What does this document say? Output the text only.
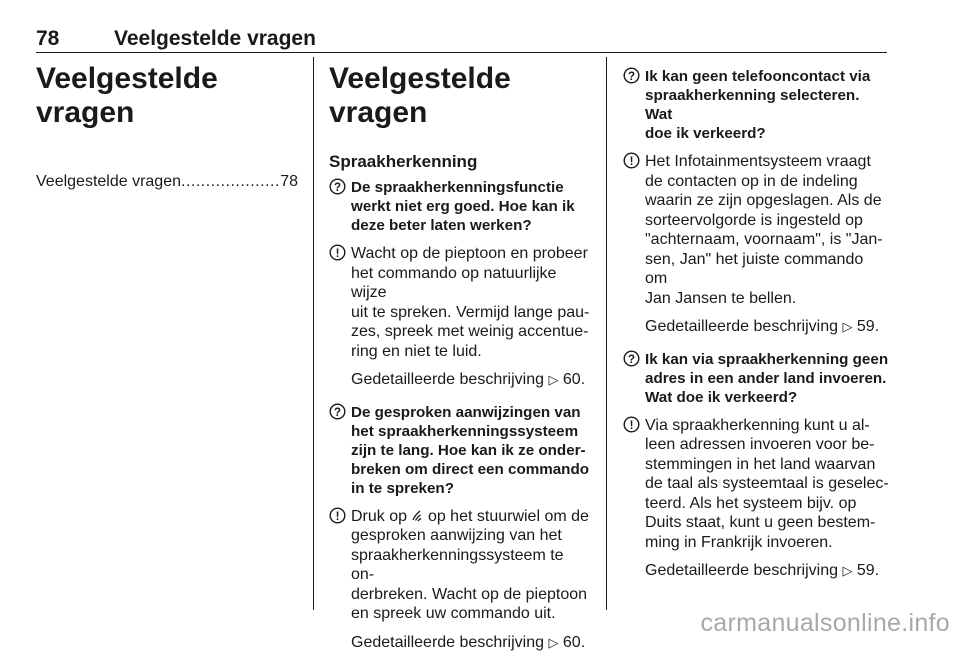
78	Veelgestelde vragen
Veelgestelde
vragen
Veelgestelde vragen
.....	78
Veelgestelde vragen
Spraakherkenning
? De spraakherkenningsfunctie
werkt niet erg goed. Hoe kan ik
deze beter laten werken?
! Wacht op de pieptoon en probeer
het commando op natuurlijke wijze
uit te spreken. Vermijd lange pau-
zes, spreek met weinig accentue-
ring en niet te luid.
Gedetailleerde beschrijving ▷ 60.
? De gesproken aanwijzingen van
het spraakherkenningssysteem
zijn te lang. Hoe kan ik ze onder-
breken om direct een commando
in te spreken?
! Druk op op het stuurwiel om de
gesproken aanwijzing van het
spraakherkenningssysteem te on-
derbreken. Wacht op de pieptoon
en spreek uw commando uit.
Gedetailleerde beschrijving ▷ 60.
? Ik kan geen telefooncontact via
spraakherkenning selecteren. Wat
doe ik verkeerd?
! Het Infotainmentsysteem vraagt
de contacten op in de indeling
waarin ze zijn opgeslagen. Als de
sorteervolgorde is ingesteld op
"achternaam, voornaam", is "Jan-
sen, Jan" het juiste commando om
Jan Jansen te bellen.
Gedetailleerde beschrijving ▷ 59.
? Ik kan via spraakherkenning geen
adres in een ander land invoeren.
Wat doe ik verkeerd?
! Via spraakherkenning kunt u al-
leen adressen invoeren voor be-
stemmingen in het land waarvan
de taal als systeemtaal is geselec-
teerd. Als het systeem bijv. op
Duits staat, kunt u geen bestem-
ming in Frankrijk invoeren.
Gedetailleerde beschrijving ▷ 59.
carmanualsonline.info
